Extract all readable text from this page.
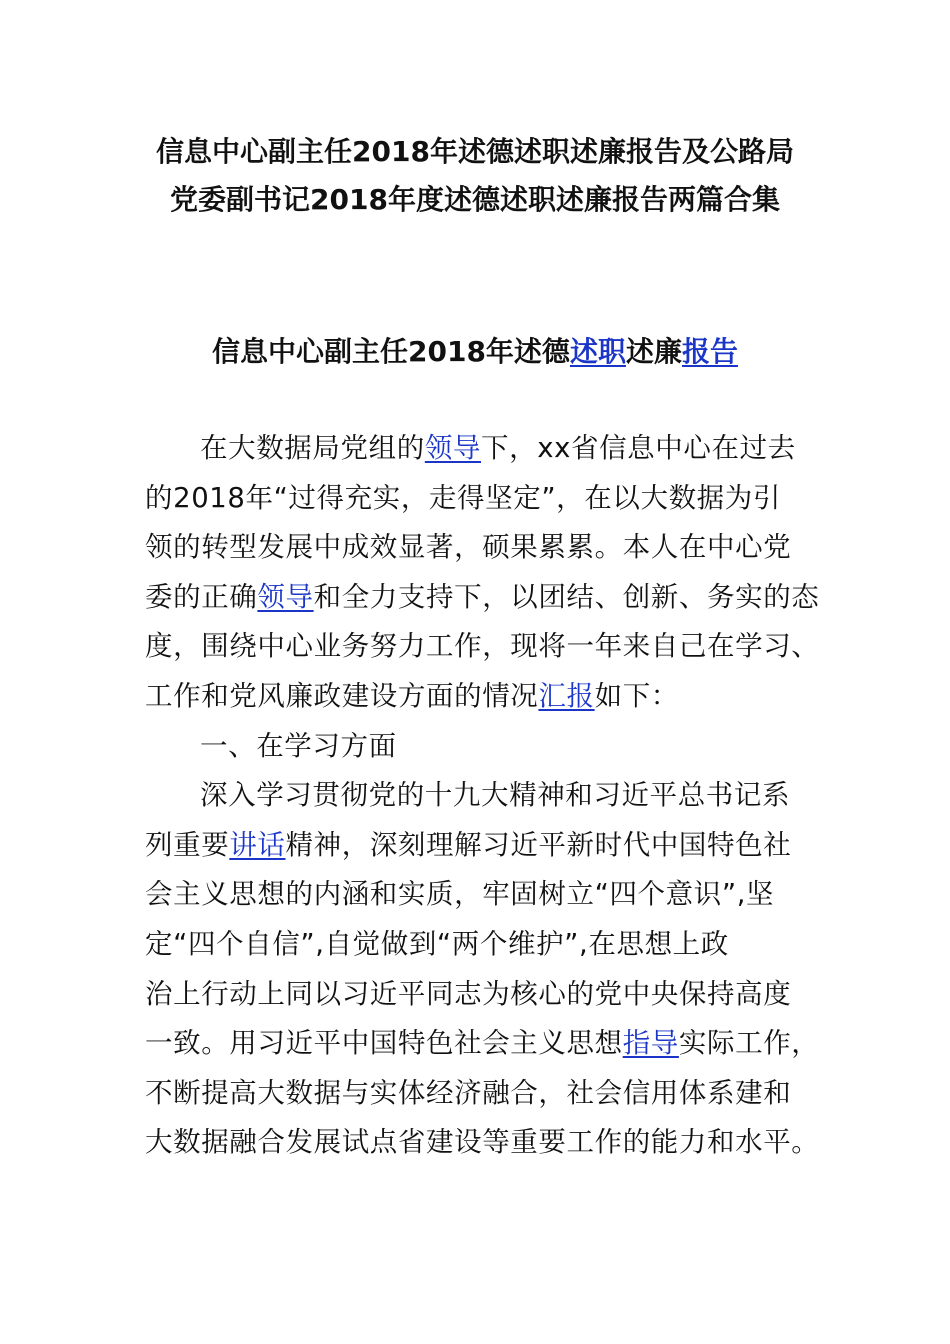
信息中心副主任2018年述德述职述廉报告及公路局
党委副书记2018年度述德述职述廉报告两篇合集
信息中心副主任2018年述德述职述廉报告
在大数据局党组的领导下，xx省信息中心在过去
的2018年“过得充实，走得坚定”，在以大数据为引
领的转型发展中成效显著，硕果累累。本人在中心党
委的正确领导和全力支持下，以团结、创新、务实的态
度，围绕中心业务努力工作，现将一年来自己在学习、
工作和党风廉政建设方面的情况汇报如下：
一、在学习方面
深入学习贯彻党的十九大精神和习近平总书记系
列重要讲话精神，深刻理解习近平新时代中国特色社
会主义思想的内涵和实质，牢固树立“四个意识”,坚
定“四个自信”,自觉做到“两个维护”,在思想上政
治上行动上同以习近平同志为核心的党中央保持高度
一致。用习近平中国特色社会主义思想指导实际工作，
不断提高大数据与实体经济融合，社会信用体系建和
大数据融合发展试点省建设等重要工作的能力和水平。
